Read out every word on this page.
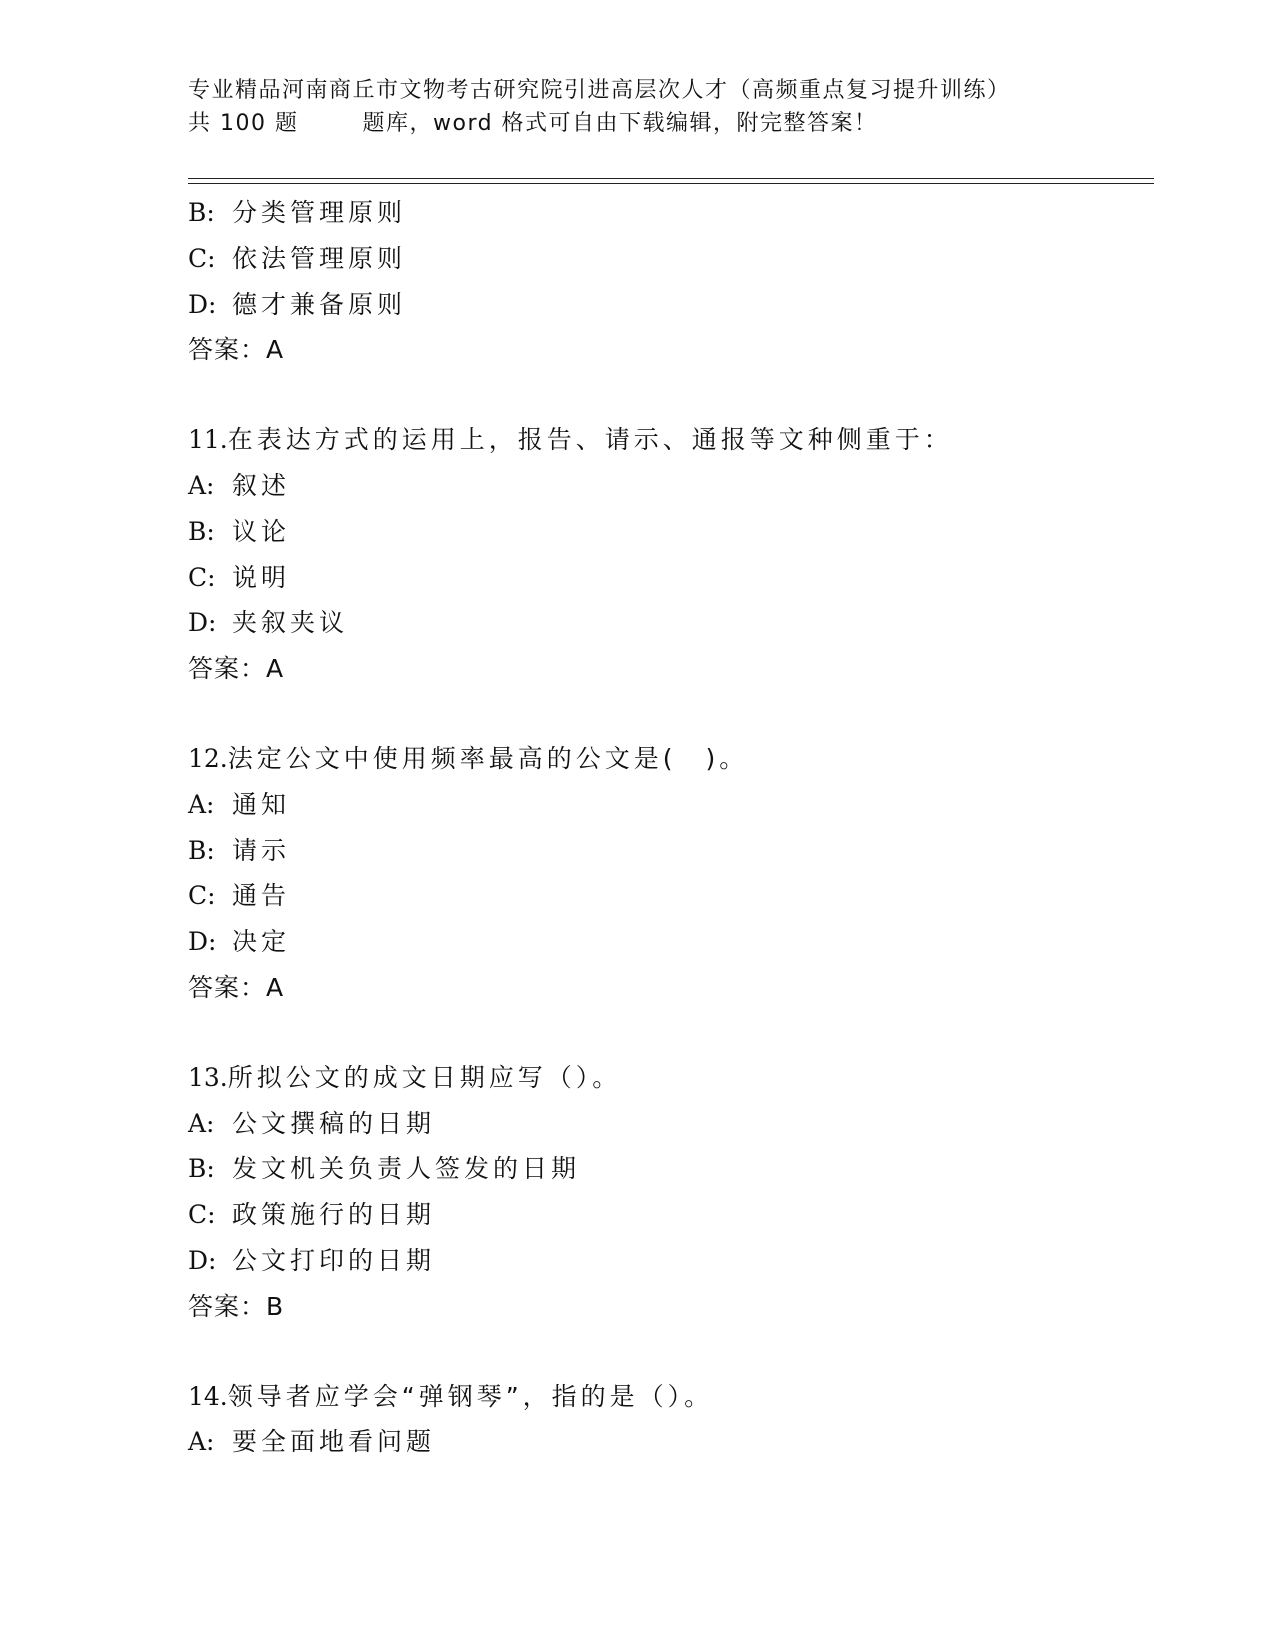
专业精品河南商丘市文物考古研究院引进高层次人才（高频重点复习提升训练）
共 100 题	题库，word 格式可自由下载编辑，附完整答案！
B: 分类管理原则
C: 依法管理原则
D: 德才兼备原则
答案：A
11.在表达方式的运用上，报告、请示、通报等文种侧重于：
A: 叙述
B: 议论
C: 说明
D: 夹叙夹议
答案：A
12.法定公文中使用频率最高的公文是(　)。
A: 通知
B: 请示
C: 通告
D: 决定
答案：A
13.所拟公文的成文日期应写（）。
A: 公文撰稿的日期
B: 发文机关负责人签发的日期
C: 政策施行的日期
D: 公文打印的日期
答案：B
14.领导者应学会“弹钢琴”，指的是（）。
A: 要全面地看问题
